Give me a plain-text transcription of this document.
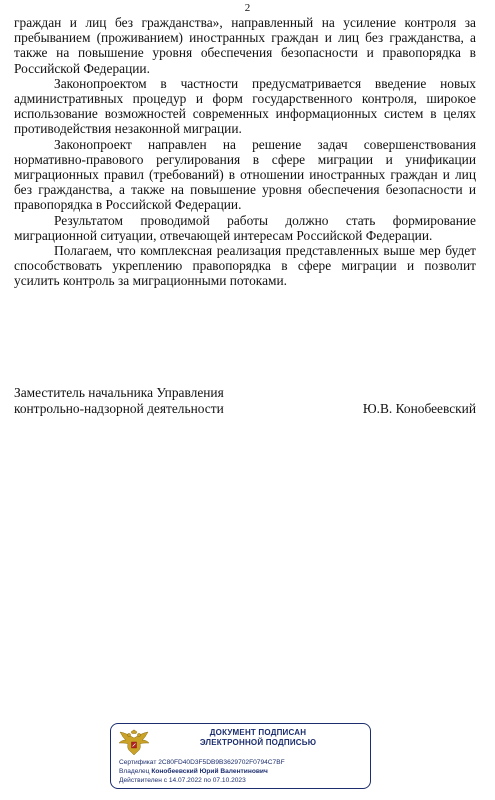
2

граждан и лиц без гражданства», направленный на усиление контроля за пребыванием (проживанием) иностранных граждан и лиц без гражданства, а также на повышение уровня обеспечения безопасности и правопорядка в Российской Федерации.

Законопроектом в частности предусматривается введение новых административных процедур и форм государственного контроля, широкое использование возможностей современных информационных систем в целях противодействия незаконной миграции.

Законопроект направлен на решение задач совершенствования нормативно-правового регулирования в сфере миграции и унификации миграционных правил (требований) в отношении иностранных граждан и лиц без гражданства, а также на повышение уровня обеспечения безопасности и правопорядка в Российской Федерации.

Результатом проводимой работы должно стать формирование миграционной ситуации, отвечающей интересам Российской Федерации.

Полагаем, что комплексная реализация представленных выше мер будет способствовать укреплению правопорядка в сфере миграции и позволит усилить контроль за миграционными потоками.

Заместитель начальника Управления
контрольно-надзорной деятельности	Ю.В. Конобеевский
ДОКУМЕНТ ПОДПИСАН
ЭЛЕКТРОННОЙ ПОДПИСЬЮ
Сертификат 2C80FD40D3F5DB9B3629702F0794C7BF
Владелец Конобеевский Юрий Валентинович
Действителен с 14.07.2022 по 07.10.2023
